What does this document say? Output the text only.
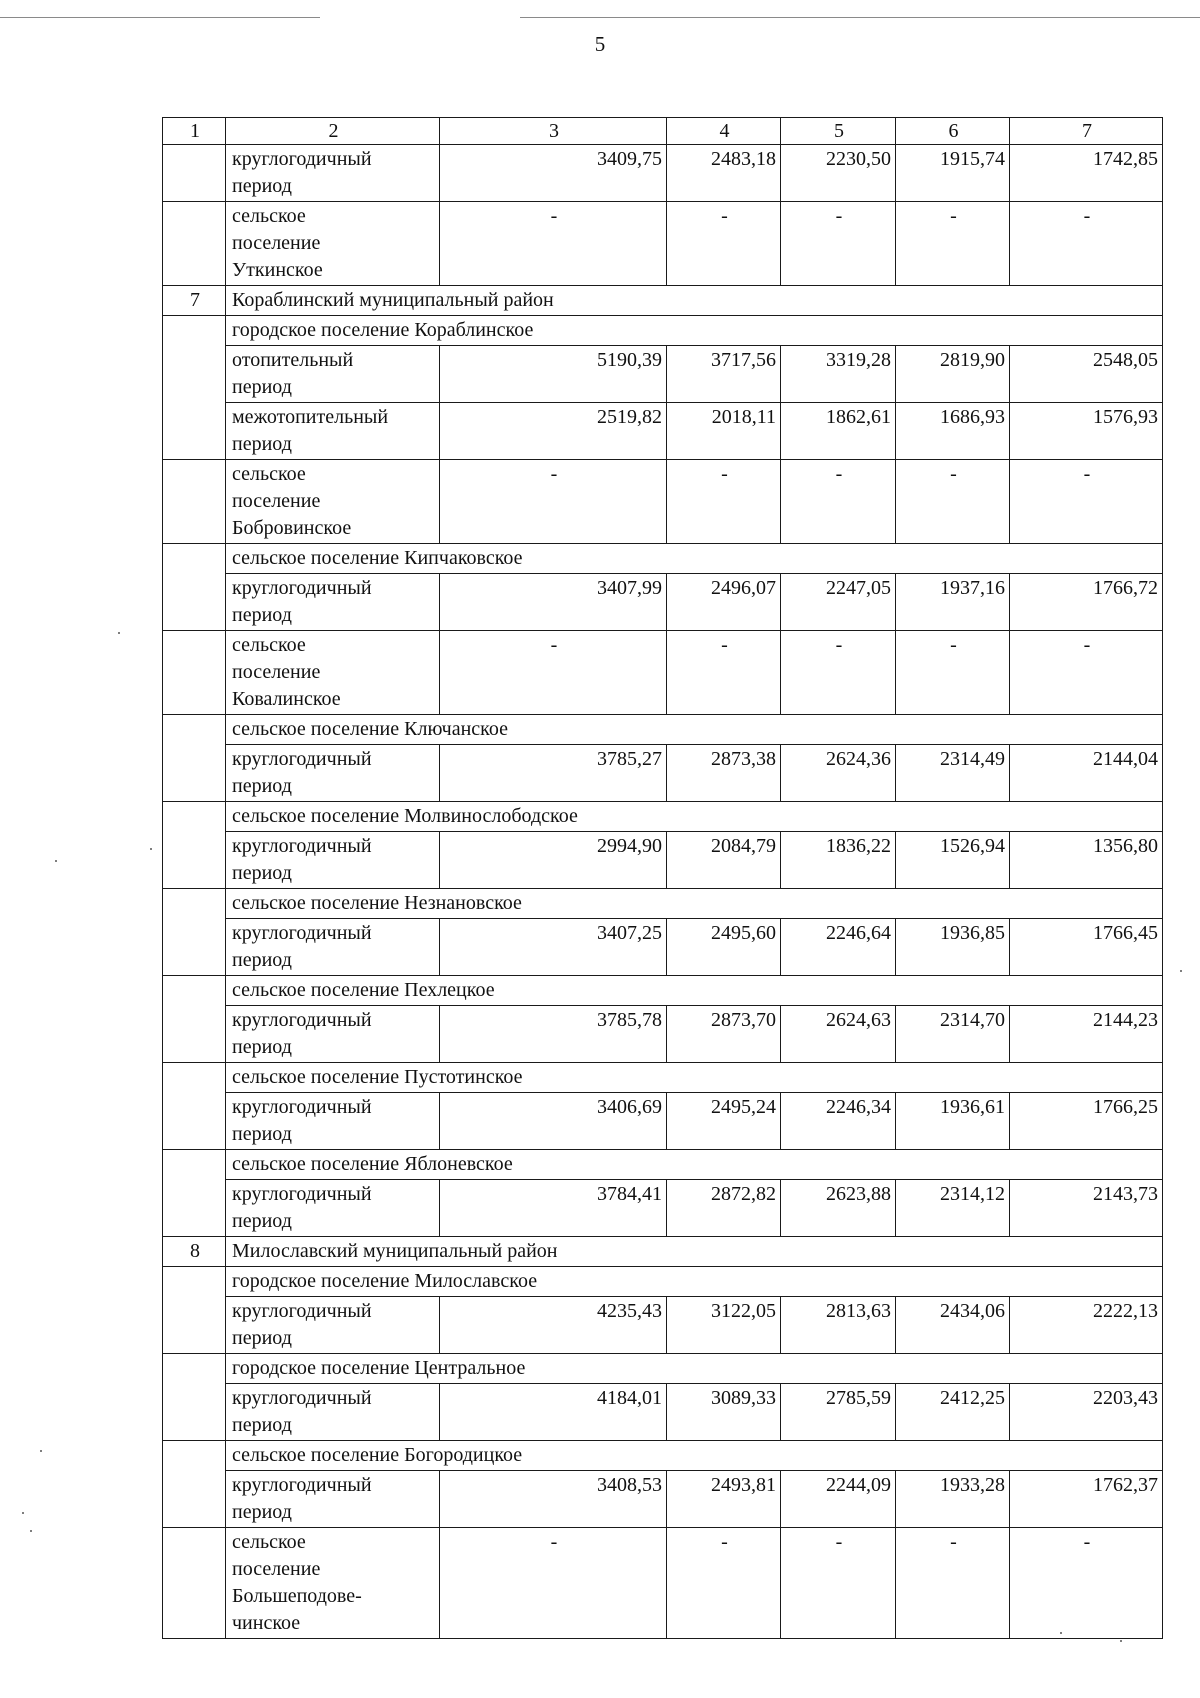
5
1	2	3	4	5	6	7
	круглогодичный
период	3409,75	2483,18	2230,50	1915,74	1742,85
	сельское
поселение
Уткинское	-	-	-	-	-
7	Кораблинский муниципальный район					
	городское поселение Кораблинское					
	отопительный
период	5190,39	3717,56	3319,28	2819,90	2548,05
	межотопительный
период	2519,82	2018,11	1862,61	1686,93	1576,93
	сельское
поселение
Бобровинское	-	-	-	-	-
	сельское поселение Кипчаковское					
	круглогодичный
период	3407,99	2496,07	2247,05	1937,16	1766,72
	сельское
поселение
Ковалинское	-	-	-	-	-
	сельское поселение Ключанское					
	круглогодичный
период	3785,27	2873,38	2624,36	2314,49	2144,04
	сельское поселение Молвинослободское					
	круглогодичный
период	2994,90	2084,79	1836,22	1526,94	1356,80
	сельское поселение Незнановское					
	круглогодичный
период	3407,25	2495,60	2246,64	1936,85	1766,45
	сельское поселение Пехлецкое					
	круглогодичный
период	3785,78	2873,70	2624,63	2314,70	2144,23
	сельское поселение Пустотинское					
	круглогодичный
период	3406,69	2495,24	2246,34	1936,61	1766,25
	сельское поселение Яблоневское					
	круглогодичный
период	3784,41	2872,82	2623,88	2314,12	2143,73
8	Милославский муниципальный район					
	городское поселение Милославское					
	круглогодичный
период	4235,43	3122,05	2813,63	2434,06	2222,13
	городское поселение Центральное					
	круглогодичный
период	4184,01	3089,33	2785,59	2412,25	2203,43
	сельское поселение Богородицкое					
	круглогодичный
период	3408,53	2493,81	2244,09	1933,28	1762,37
	сельское
поселение
Большеподове-
чинское	-	-	-	-	-
